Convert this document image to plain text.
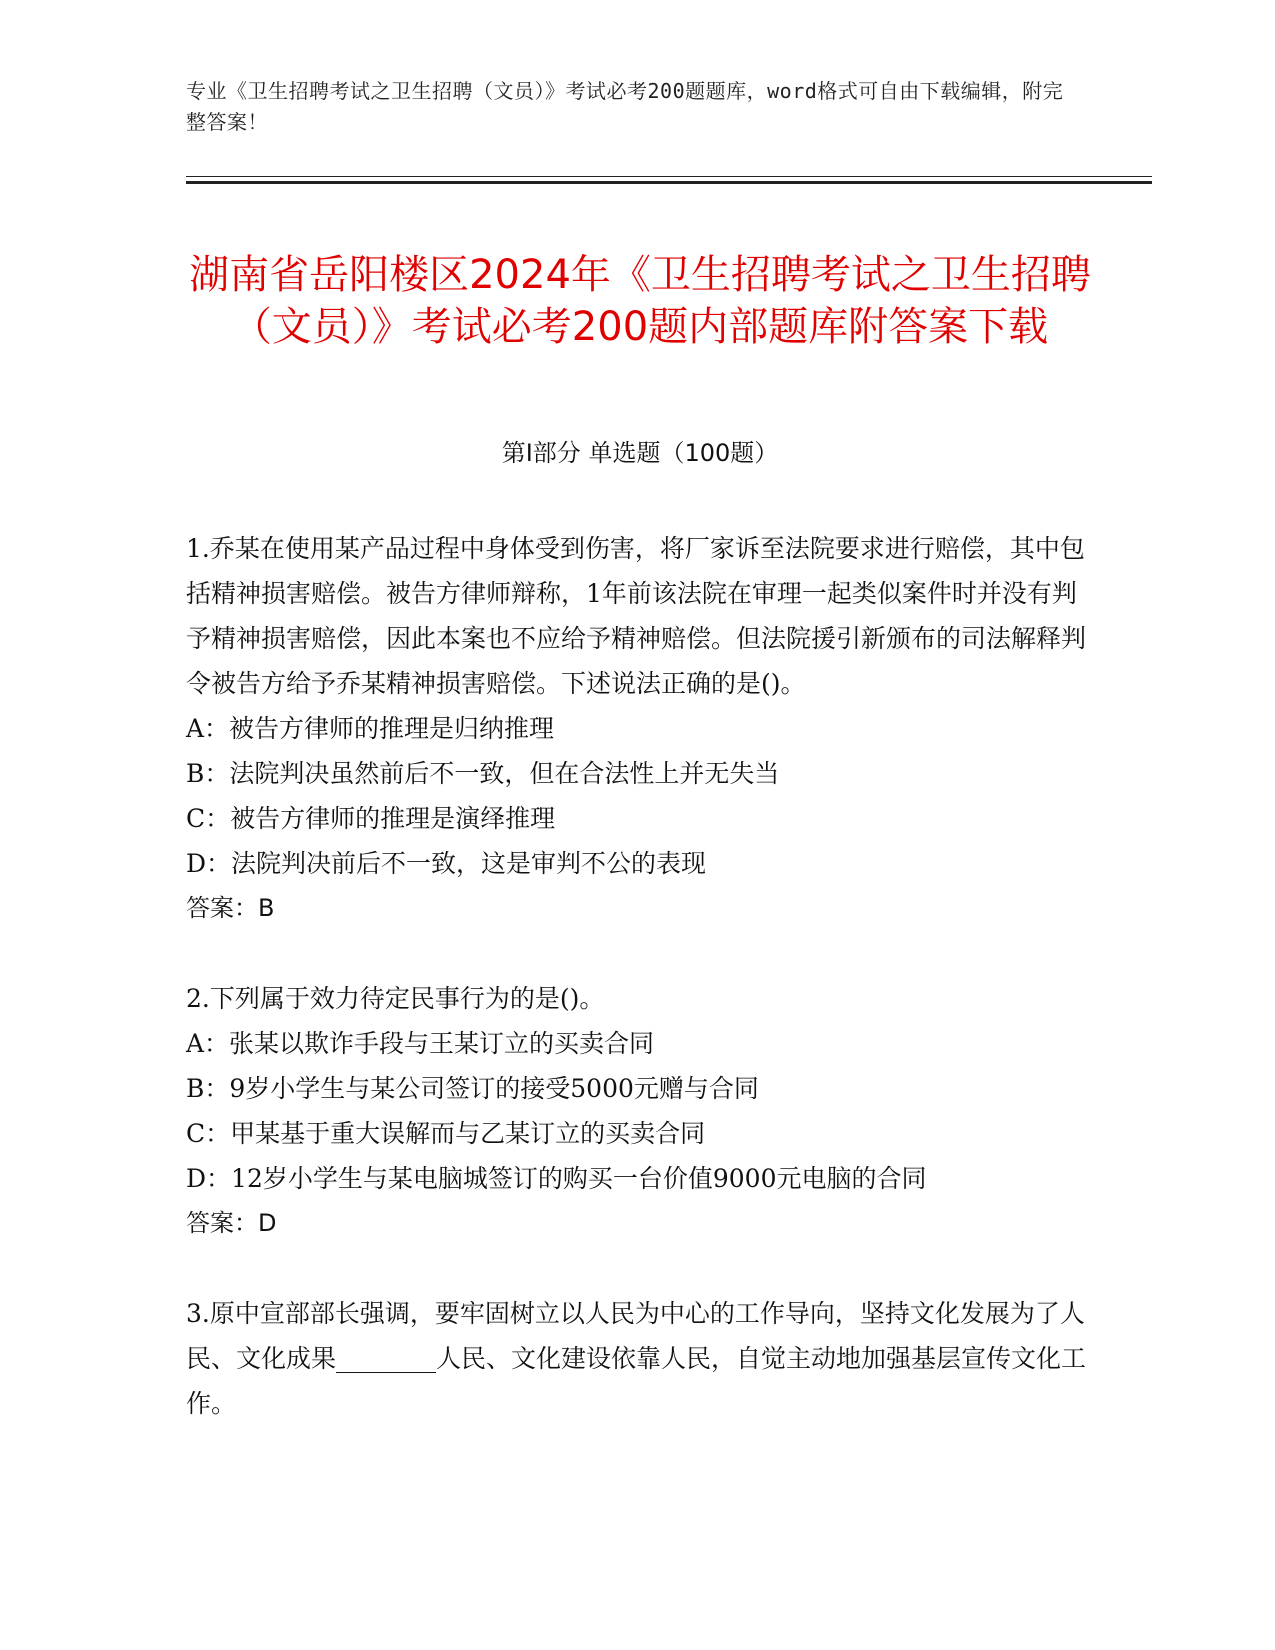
专业《卫生招聘考试之卫生招聘（文员）》考试必考200题题库，word格式可自由下载编辑，附完整答案！
湖南省岳阳楼区2024年《卫生招聘考试之卫生招聘（文员）》考试必考200题内部题库附答案下载
第I部分 单选题（100题）

1.乔某在使用某产品过程中身体受到伤害，将厂家诉至法院要求进行赔偿，其中包括精神损害赔偿。被告方律师辩称，1年前该法院在审理一起类似案件时并没有判予精神损害赔偿，因此本案也不应给予精神赔偿。但法院援引新颁布的司法解释判令被告方给予乔某精神损害赔偿。下述说法正确的是()。

A：被告方律师的推理是归纳推理

B：法院判决虽然前后不一致，但在合法性上并无失当

C：被告方律师的推理是演绎推理

D：法院判决前后不一致，这是审判不公的表现

答案：B

2.下列属于效力待定民事行为的是()。

A：张某以欺诈手段与王某订立的买卖合同

B：9岁小学生与某公司签订的接受5000元赠与合同

C：甲某基于重大误解而与乙某订立的买卖合同

D：12岁小学生与某电脑城签订的购买一台价值9000元电脑的合同

答案：D

3.原中宣部部长强调，要牢固树立以人民为中心的工作导向，坚持文化发展为了人民、文化成果________人民、文化建设依靠人民，自觉主动地加强基层宣传文化工作。
